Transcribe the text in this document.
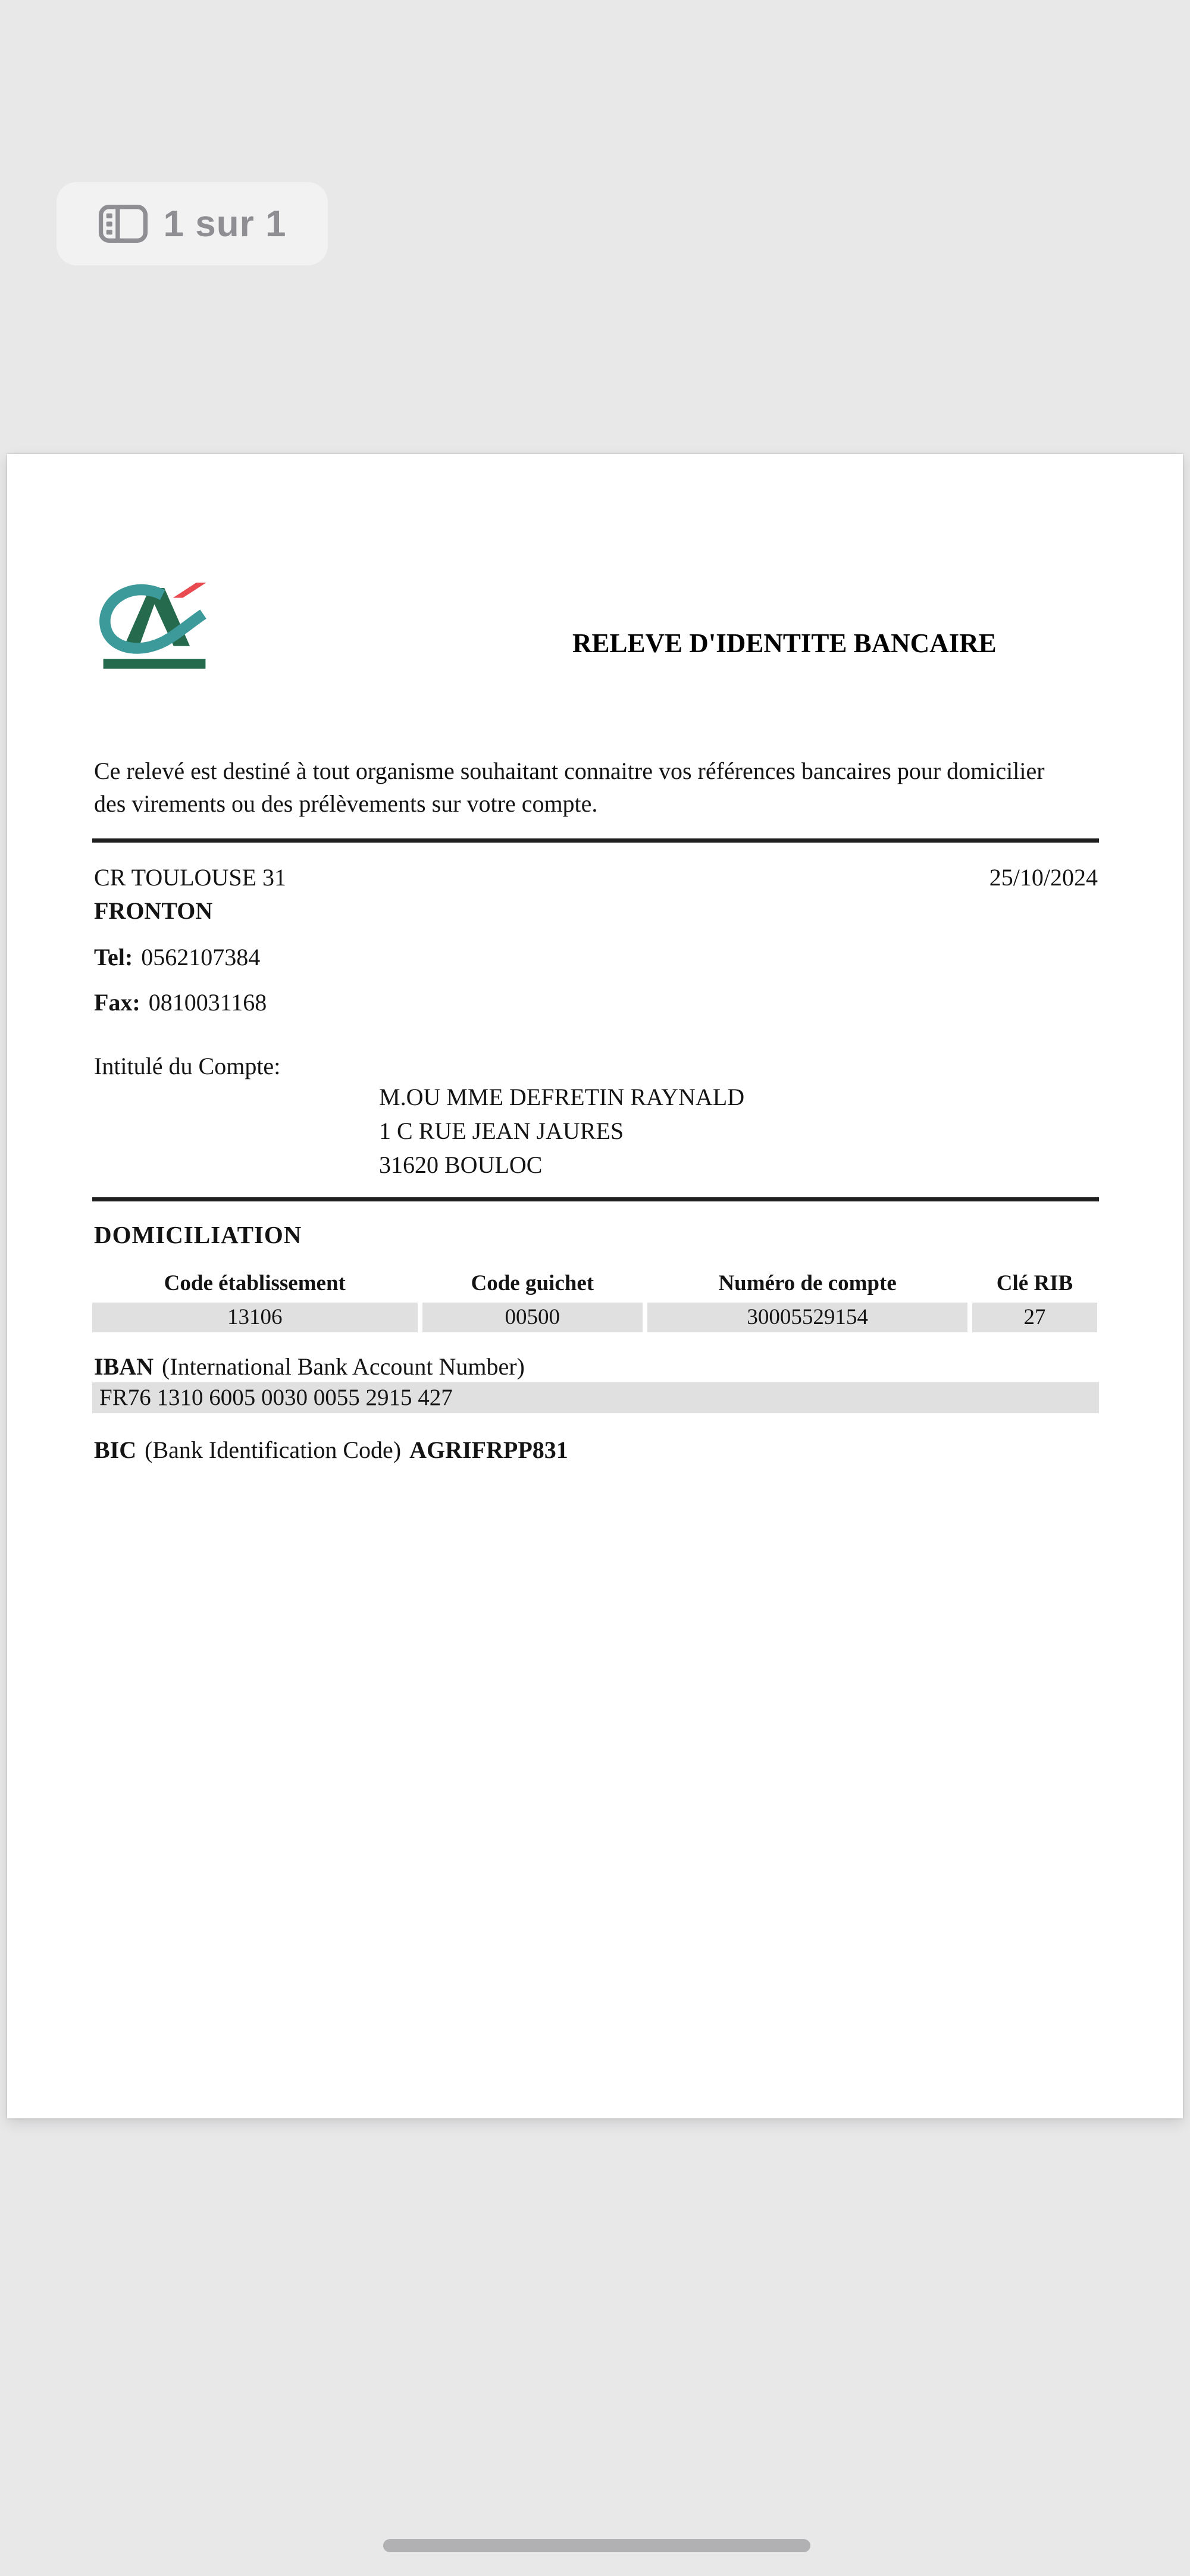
1 sur 1
RELEVE D'IDENTITE BANCAIRE
Ce relevé est destiné à tout organisme souhaitant connaitre vos références bancaires pour domicilier des virements ou des prélèvements sur votre compte.
CR TOULOUSE 31	25/10/2024
FRONTON
Tel: 0562107384
Fax: 0810031168
Intitulé du Compte:
M.OU MME DEFRETIN RAYNALD
1 C RUE JEAN JAURES
31620 BOULOC
DOMICILIATION
Code établissement	Code guichet	Numéro de compte	Clé RIB
13106	00500	30005529154	27
IBAN (International Bank Account Number)
FR76 1310 6005 0030 0055 2915 427
BIC (Bank Identification Code) AGRIFRPP831
